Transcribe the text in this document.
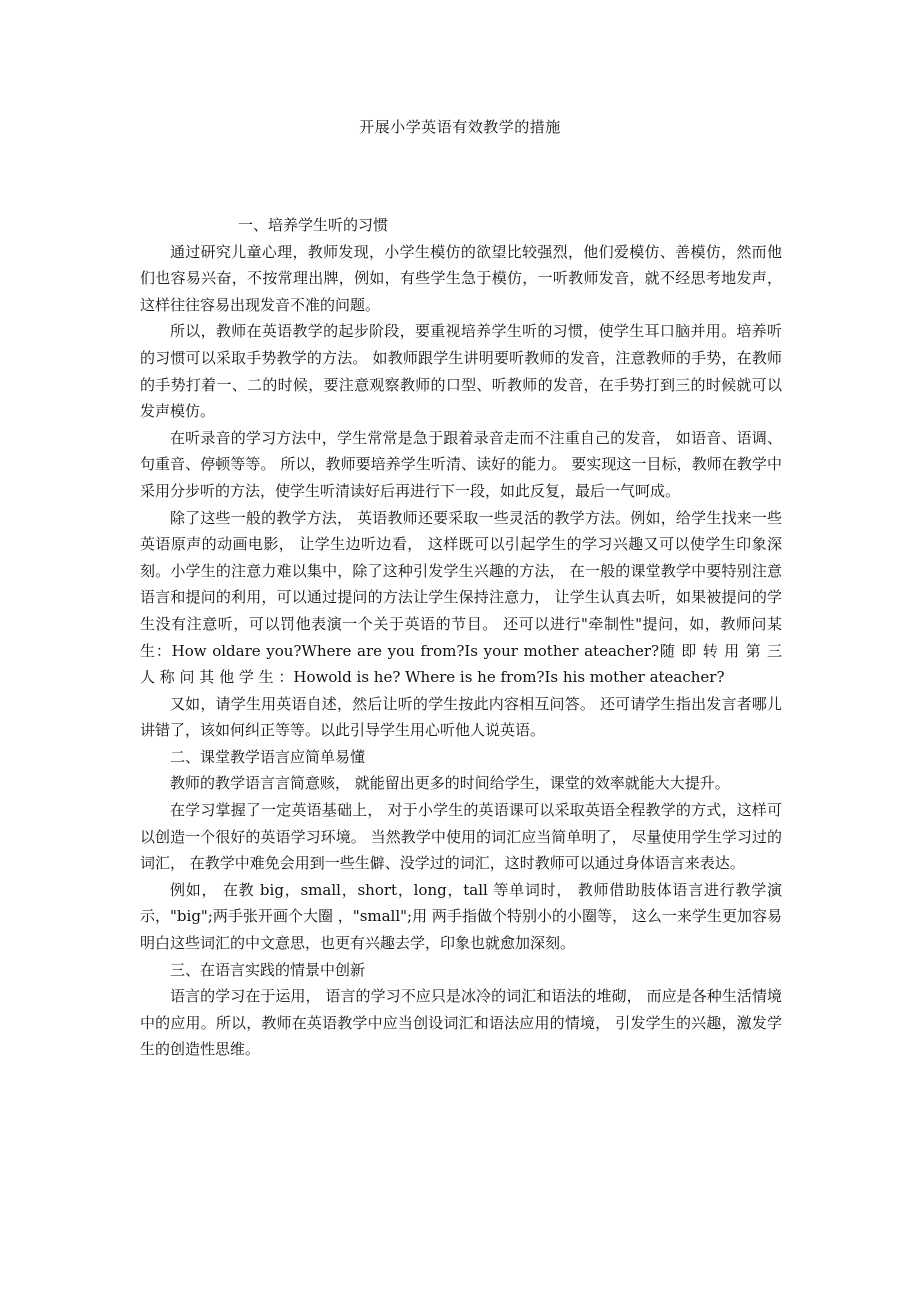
开展小学英语有效教学的措施

一、培养学生听的习惯

通过研究儿童心理，教师发现，小学生模仿的欲望比较强烈，他们爱模仿、善模仿，然而他们也容易兴奋，不按常理出牌，例如，有些学生急于模仿，一听教师发音，就不经思考地发声，这样往往容易出现发音不准的问题。

所以，教师在英语教学的起步阶段，要重视培养学生听的习惯，使学生耳口脑并用。培养听的习惯可以采取手势教学的方法。 如教师跟学生讲明要听教师的发音，注意教师的手势，在教师的手势打着一、二的时候，要注意观察教师的口型、听教师的发音，在手势打到三的时候就可以发声模仿。

在听录音的学习方法中，学生常常是急于跟着录音走而不注重自己的发音， 如语音、语调、句重音、停顿等等。 所以，教师要培养学生听清、读好的能力。 要实现这一目标，教师在教学中采用分步听的方法，使学生听清读好后再进行下一段，如此反复，最后一气呵成。

除了这些一般的教学方法， 英语教师还要采取一些灵活的教学方法。例如，给学生找来一些英语原声的动画电影， 让学生边听边看， 这样既可以引起学生的学习兴趣又可以使学生印象深刻。小学生的注意力难以集中，除了这种引发学生兴趣的方法， 在一般的课堂教学中要特别注意语言和提问的利用，可以通过提问的方法让学生保持注意力， 让学生认真去听，如果被提问的学生没有注意听，可以罚他表演一个关于英语的节目。 还可以进行"牵制性"提问，如，教师问某生：How oldare you?Where are you from?Is your mother ateacher?随 即 转 用 第 三 人 称 问 其 他 学 生 ：Howold is he? Where is he from?Is his mother ateacher?

又如，请学生用英语自述，然后让听的学生按此内容相互问答。 还可请学生指出发言者哪儿讲错了，该如何纠正等等。以此引导学生用心听他人说英语。

二、课堂教学语言应简单易懂

教师的教学语言言简意赅， 就能留出更多的时间给学生，课堂的效率就能大大提升。

在学习掌握了一定英语基础上， 对于小学生的英语课可以采取英语全程教学的方式，这样可以创造一个很好的英语学习环境。 当然教学中使用的词汇应当简单明了， 尽量使用学生学习过的词汇， 在教学中难免会用到一些生僻、没学过的词汇，这时教师可以通过身体语言来表达。

例如， 在教 big，small，short，long，tall 等单词时， 教师借助肢体语言进行教学演示，"big";两手张开画个大圈 ，"small";用 两手指做个特别小的小圈等， 这么一来学生更加容易明白这些词汇的中文意思，也更有兴趣去学，印象也就愈加深刻。

三、在语言实践的情景中创新

语言的学习在于运用， 语言的学习不应只是冰冷的词汇和语法的堆砌， 而应是各种生活情境中的应用。所以，教师在英语教学中应当创设词汇和语法应用的情境， 引发学生的兴趣，激发学生的创造性思维。
